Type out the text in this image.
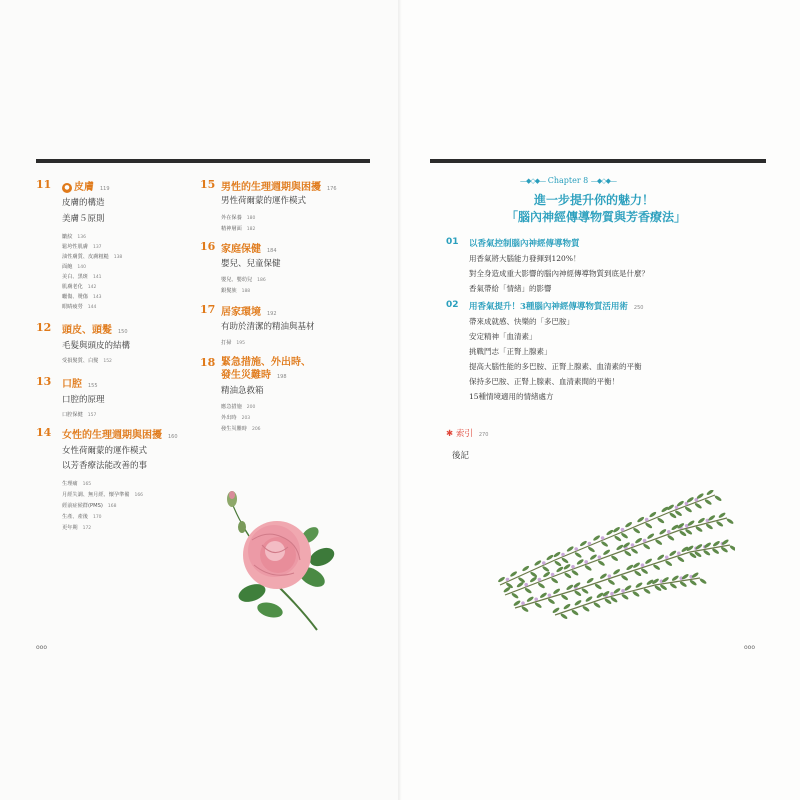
11	● 皮膚 119
皮膚的構造
美膚５原則
皺紋 136
鬆垮性肌膚 137
油性膚質、皮膚粗糙 138
面皰 140
美白、黑斑 141
肌膚老化 142
曬傷、燙傷 143
眼睛疲勞 144
12 頭皮、頭髮 150
毛髮與頭皮的結構
受損髮質、白髮 152
13 口腔 155
口腔的原理
口腔保健 157
14 女性的生理週期與困擾 160
女性荷爾蒙的運作模式
以芳香療法能改善的事
生理痛 165
月經失調、無月經、懷孕準備 166
經前症候群(PMS) 168
生產、產後 170
更年期 172
15 男性的生理週期與困擾 176
男性荷爾蒙的運作模式
外在保養 180
精神層面 182
16 家庭保健 184
嬰兒、兒童保健
嬰兒、嬰幼兒 186
銀髮族 188
17 居家環境 192
有助於清潔的精油與基材
打掃 195
18 緊急措施、外出時、
發生災難時 198
精油急救箱
應急措施 200
外出時 203
發生災難時 206
ooo
—◆◇◆— Chapter 8 —◆◇◆—
進一步提升你的魅力！
「腦內神經傳導物質與芳香療法」
01 以香氣控制腦內神經傳導物質
用香氣將大腦能力發揮到120%！
對全身造成重大影響的腦內神經傳導物質到底是什麼？
香氣帶給「情緒」的影響
02 用香氣提升！3種腦內神經傳導物質活用術 250
帶來成就感、快樂的「多巴胺」
安定精神「血清素」
挑戰鬥志「正腎上腺素」
提高大腦性能的多巴胺、正腎上腺素、血清素的平衡
保持多巴胺、正腎上腺素、血清素間的平衡！
15種情境適用的情緒處方
✱ 索引 270
後記
ooo
